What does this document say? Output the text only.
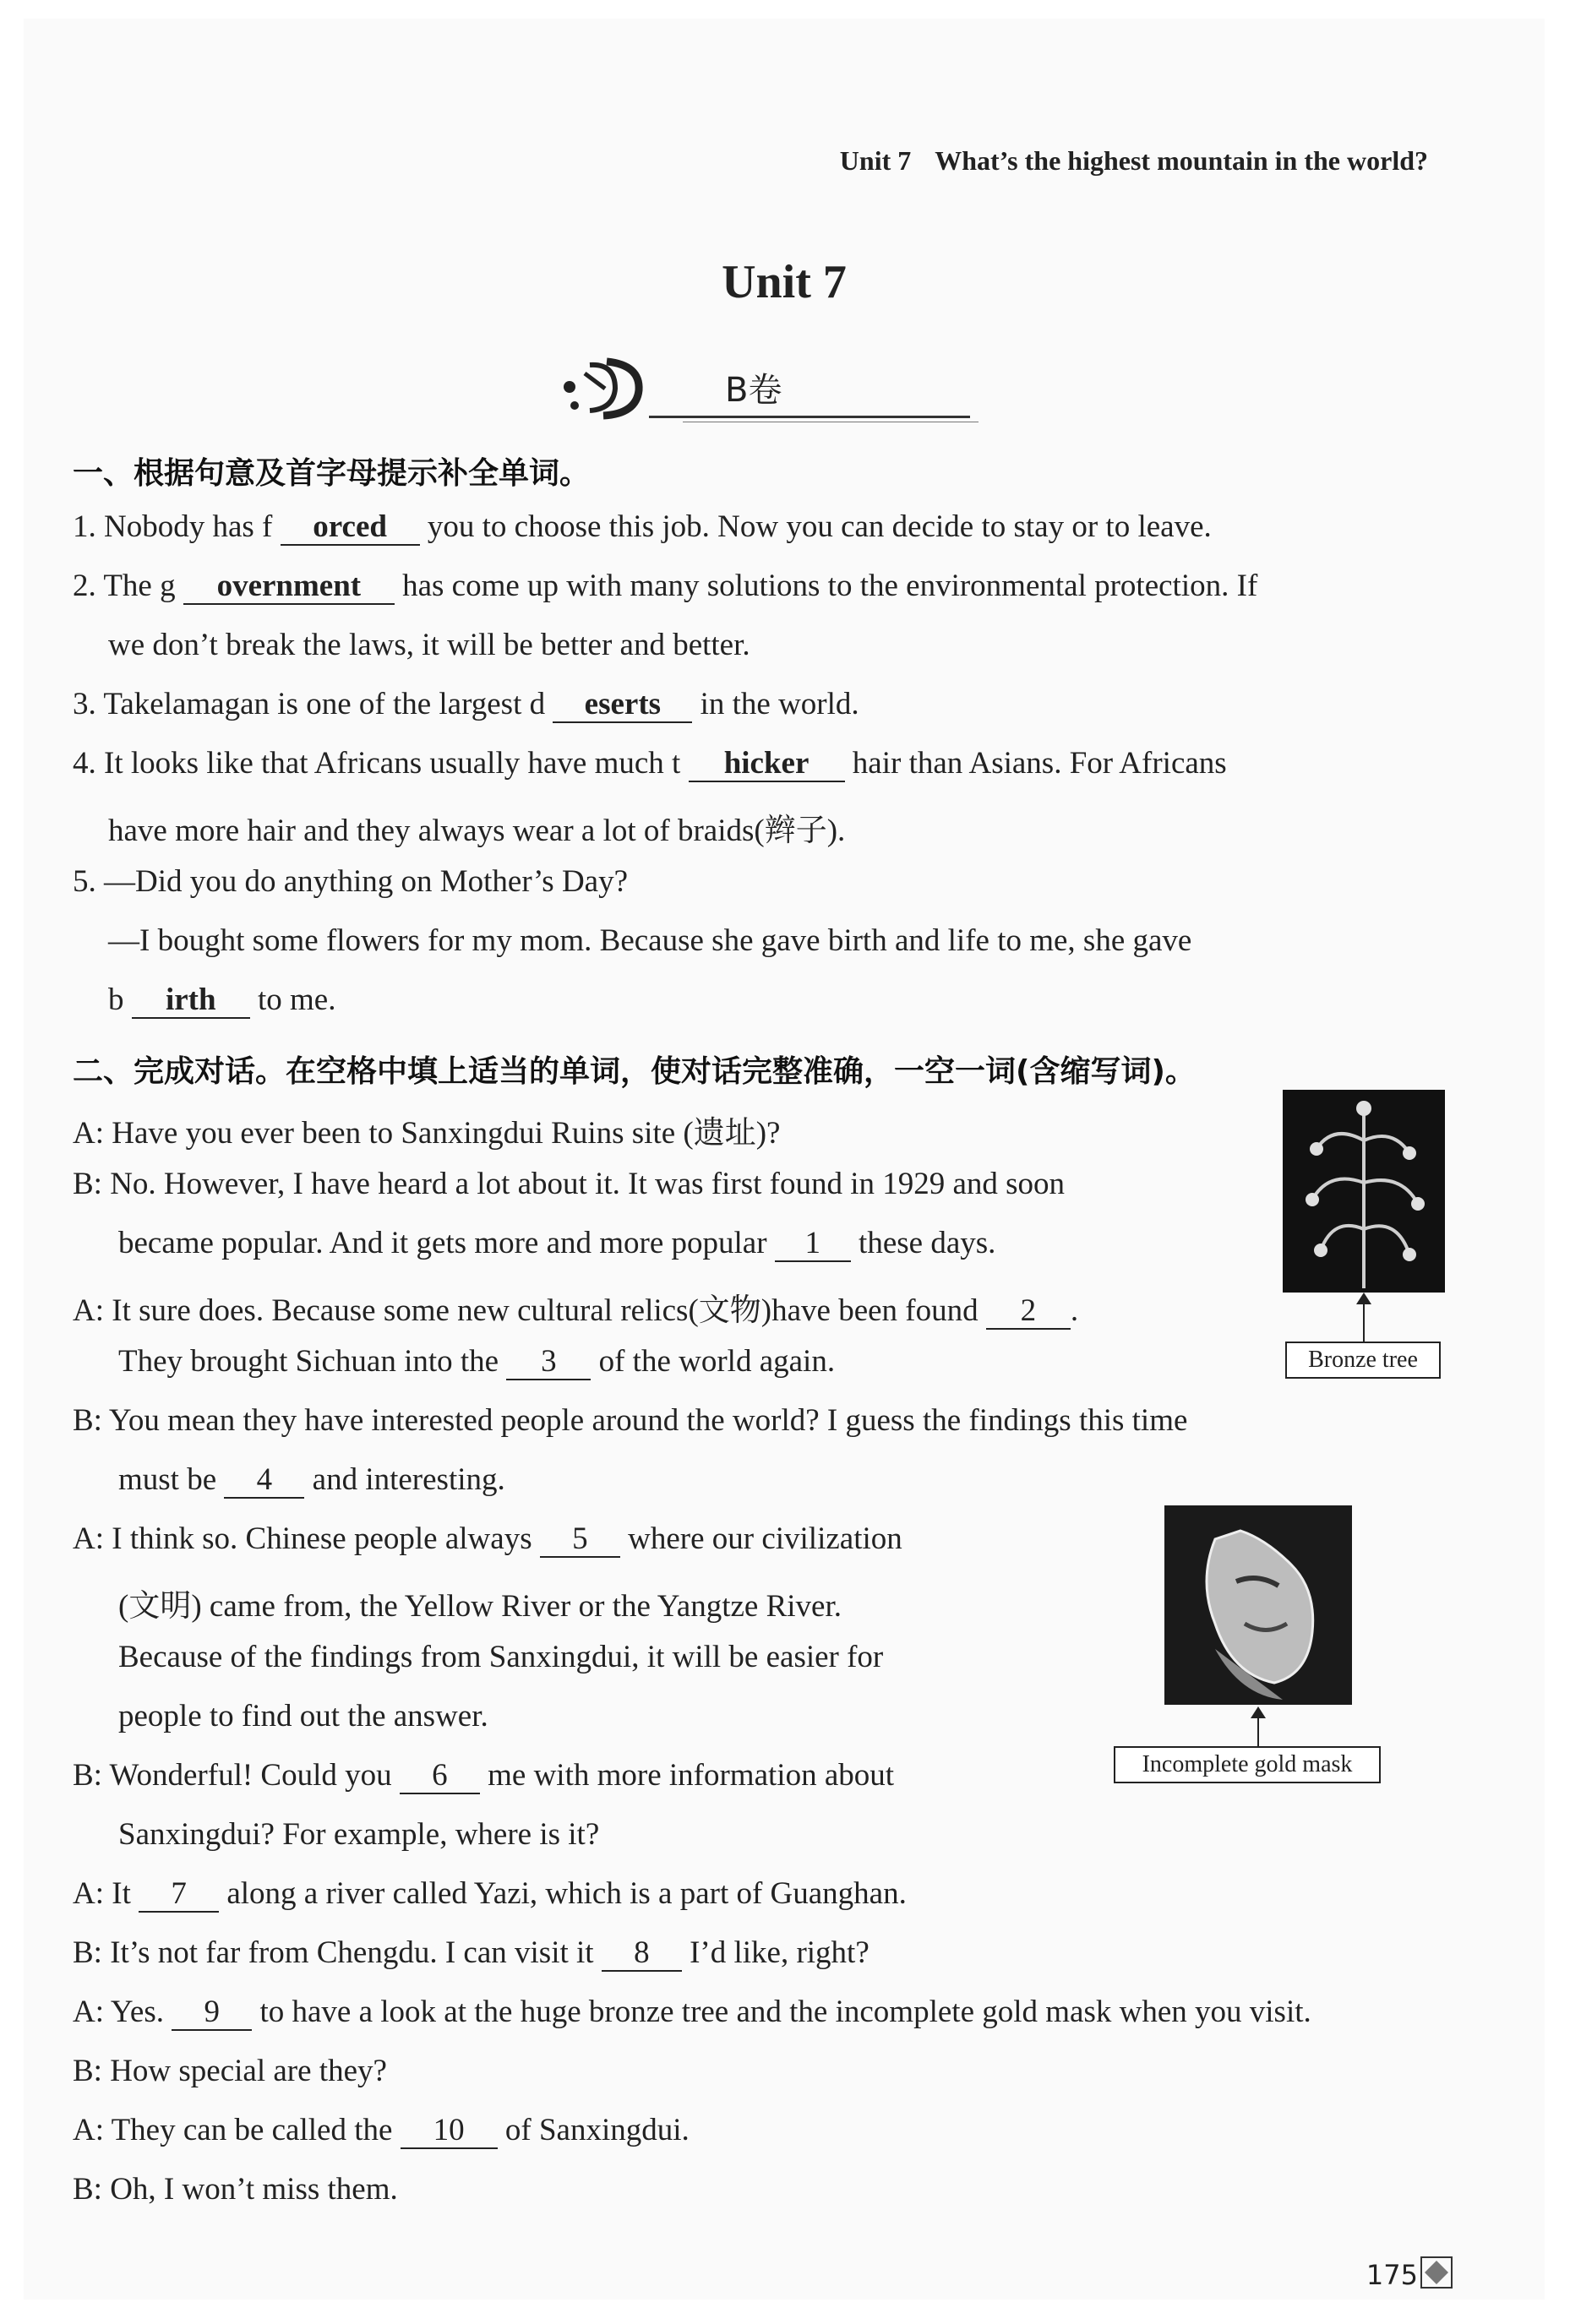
Unit 7 What’s the highest mountain in the world?
Unit 7
B卷
一、根据句意及首字母提示补全单词。
1. Nobody has f orced you to choose this job. Now you can decide to stay or to leave.
2. The g overnment has come up with many solutions to the environmental protection. If
we don’t break the laws, it will be better and better.
3. Takelamagan is one of the largest d eserts in the world.
4. It looks like that Africans usually have much t hicker hair than Asians. For Africans
have more hair and they always wear a lot of braids(辫子).
5. —Did you do anything on Mother’s Day?
—I bought some flowers for my mom. Because she gave birth and life to me, she gave
b irth to me.
二、完成对话。在空格中填上适当的单词，使对话完整准确，一空一词(含缩写词)。
A: Have you ever been to Sanxingdui Ruins site (遗址)?
B: No. However, I have heard a lot about it. It was first found in 1929 and soon
became popular. And it gets more and more popular 1 these days.
A: It sure does. Because some new cultural relics(文物)have been found 2 .
They brought Sichuan into the 3 of the world again.
B: You mean they have interested people around the world? I guess the findings this time
must be 4 and interesting.
A: I think so. Chinese people always 5 where our civilization
(文明) came from, the Yellow River or the Yangtze River.
Because of the findings from Sanxingdui, it will be easier for
people to find out the answer.
B: Wonderful! Could you 6 me with more information about
Sanxingdui? For example, where is it?
A: It 7 along a river called Yazi, which is a part of Guanghan.
B: It’s not far from Chengdu. I can visit it 8 I’d like, right?
A: Yes. 9 to have a look at the huge bronze tree and the incomplete gold mask when you visit.
B: How special are they?
A: They can be called the 10 of Sanxingdui.
B: Oh, I won’t miss them.
Bronze tree
Incomplete gold mask
175
